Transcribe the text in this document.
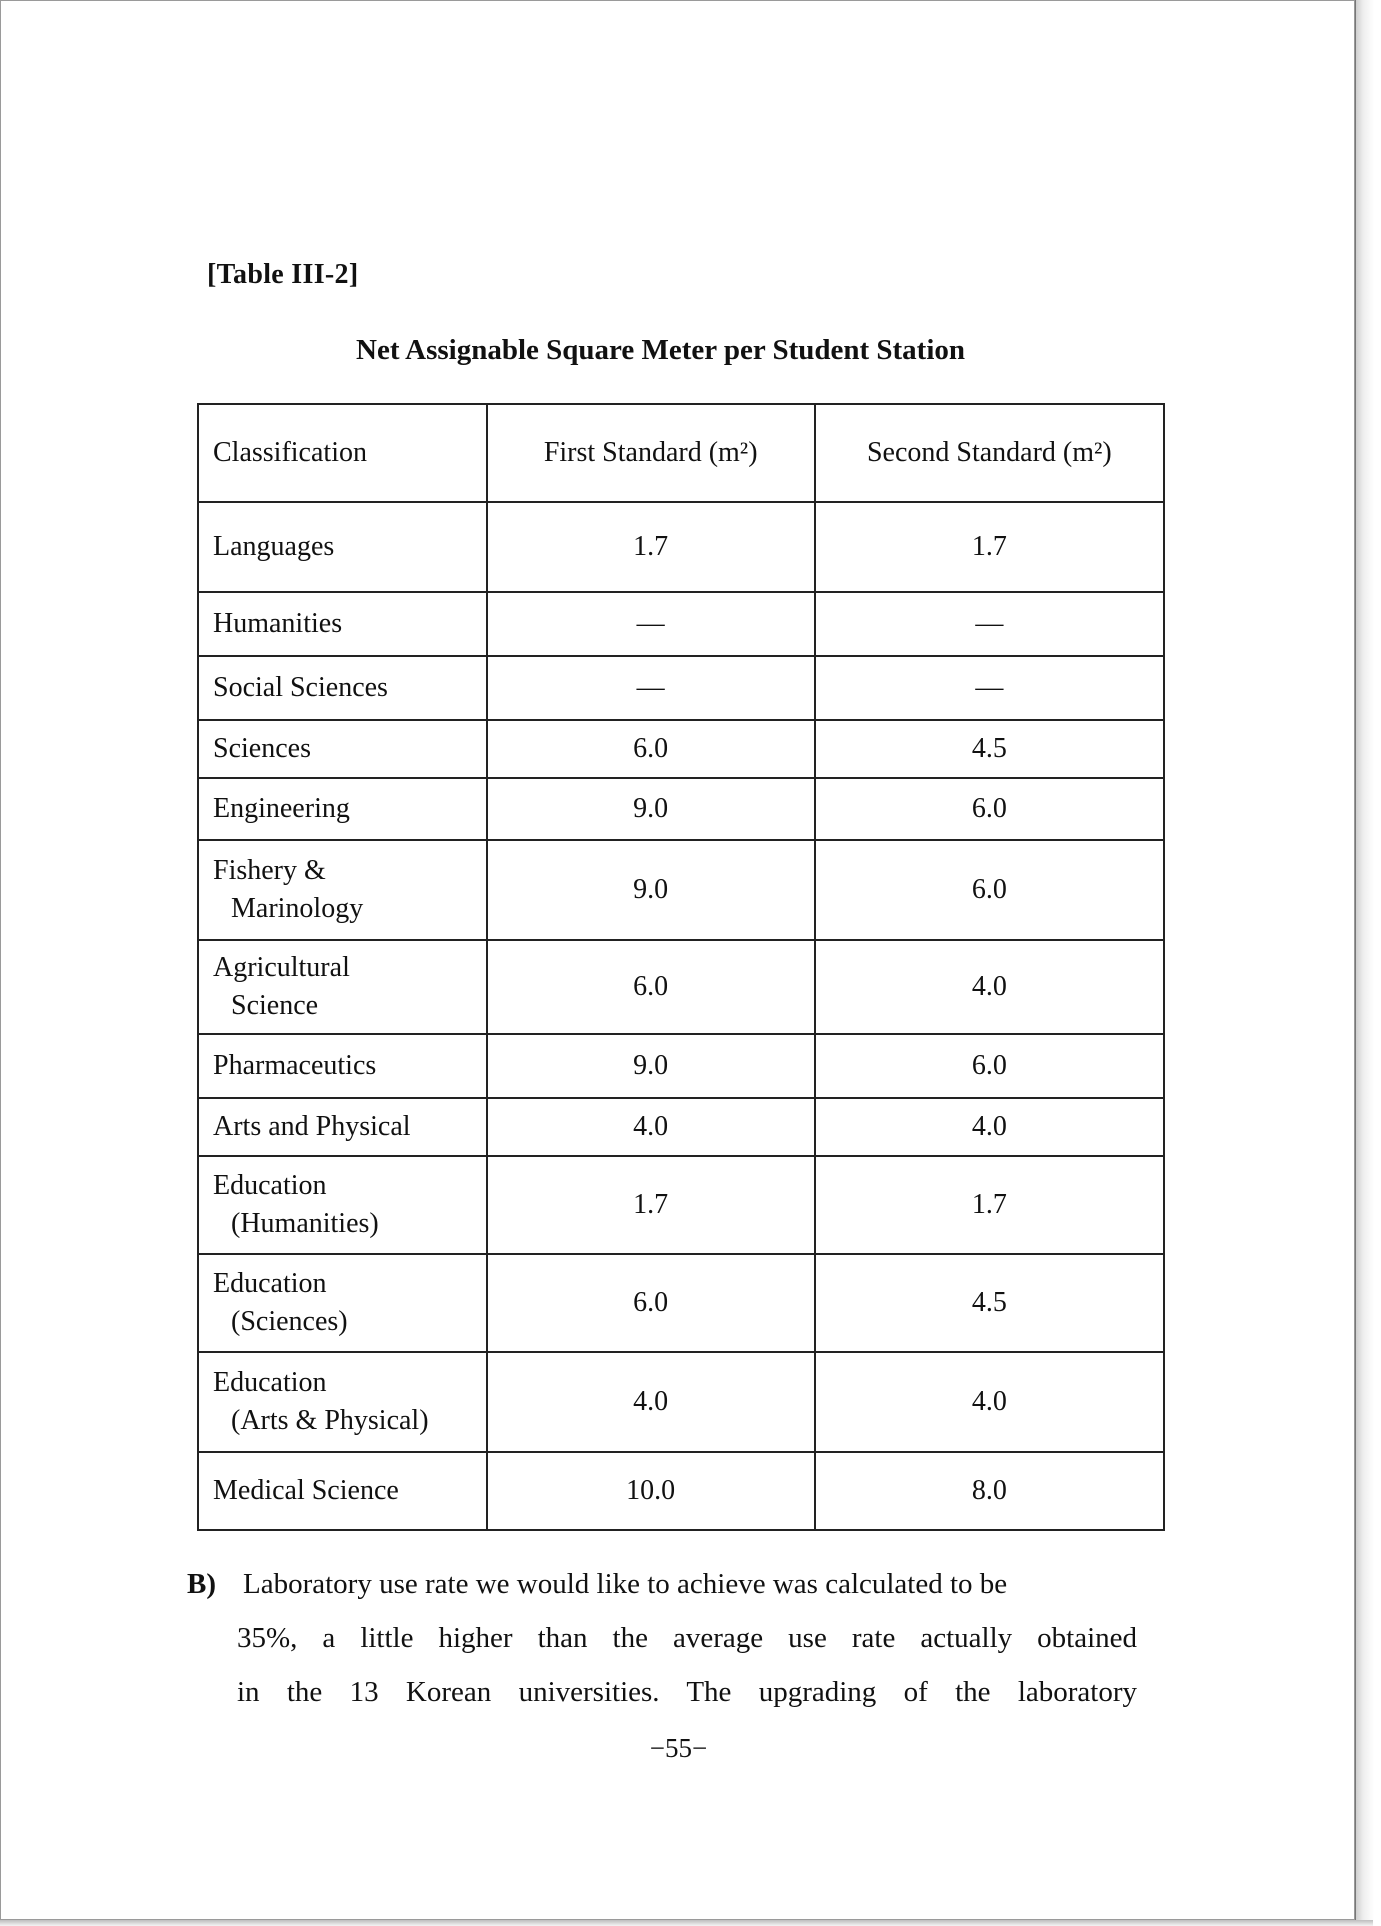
[Table III-2]
Net Assignable Square Meter per Student Station
Classification	First Standard (m²)	Second Standard (m²)
Languages	1.7	1.7
Humanities	—	—
Social Sciences	—	—
Sciences	6.0	4.5
Engineering	9.0	6.0
Fishery &
Marinology	9.0	6.0
Agricultural
Science	6.0	4.0
Pharmaceutics	9.0	6.0
Arts and Physical	4.0	4.0
Education
(Humanities)	1.7	1.7
Education
(Sciences)	6.0	4.5
Education
(Arts & Physical)	4.0	4.0
Medical Science	10.0	8.0
B) Laboratory use rate we would like to achieve was calculated to be
35%, a little higher than the average use rate actually obtained
in the 13 Korean universities. The upgrading of the laboratory
−55−
